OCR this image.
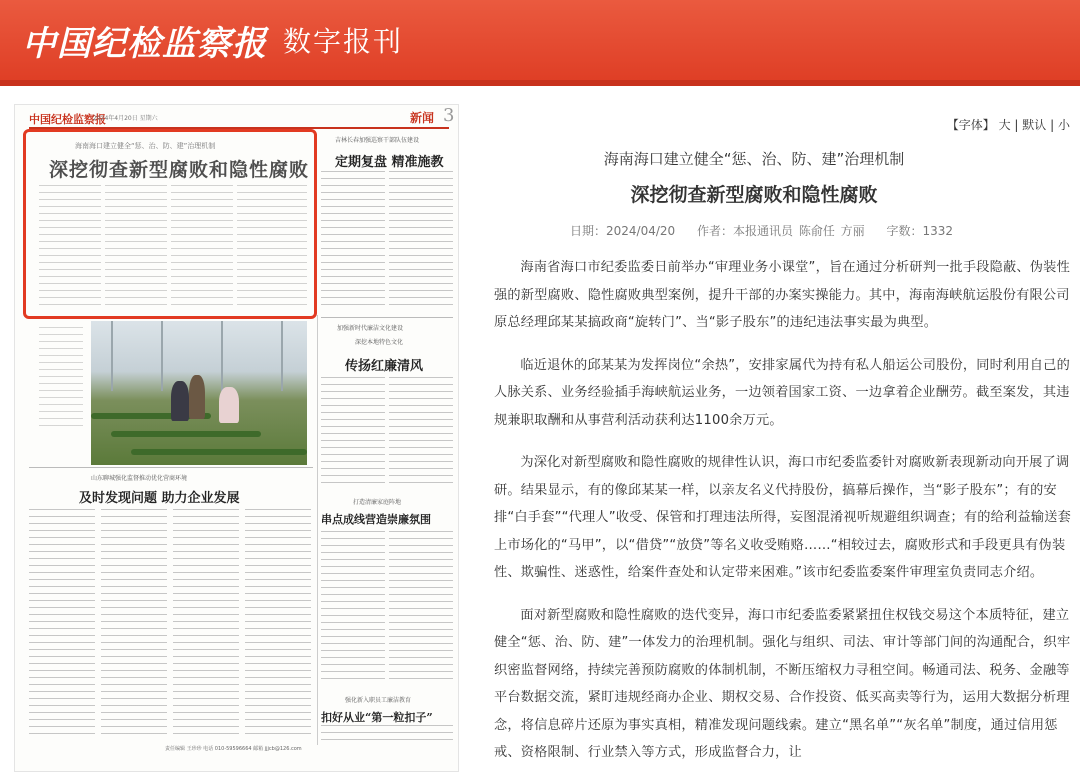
中国纪检监察报 数字报刊
中国纪检监察报
2024年4月20日 星期六	新闻 3
海南海口建立健全“惩、治、防、建”治理机制
深挖彻查新型腐败和隐性腐败
吉林长春加强巡察干部队伍建设
定期复盘 精准施教
加强新时代廉洁文化建设
深挖本地特色文化
传扬红廉清风
打造清廉家庭阵地
串点成线营造崇廉氛围
强化新入职员工廉洁教育
扣好从业“第一粒扣子”
山东聊城强化监督推动优化营商环境
及时发现问题 助力企业发展
责任编辑 王珍珍 电话 010-59596664 邮箱 jjjcb@126.com
【字体】 大 | 默认 | 小
海南海口建立健全“惩、治、防、建”治理机制
深挖彻查新型腐败和隐性腐败
日期：2024/04/20 作者：本报通讯员 陈俞任 方丽 字数：1332

海南省海口市纪委监委日前举办“审理业务小课堂”，旨在通过分析研判一批手段隐蔽、伪装性强的新型腐败、隐性腐败典型案例，提升干部的办案实操能力。其中，海南海峡航运股份有限公司原总经理邱某某搞政商“旋转门”、当“影子股东”的违纪违法事实最为典型。

临近退休的邱某某为发挥岗位“余热”，安排家属代为持有私人船运公司股份，同时利用自己的人脉关系、业务经验插手海峡航运业务，一边领着国家工资、一边拿着企业酬劳。截至案发，其违规兼职取酬和从事营利活动获利达1100余万元。

为深化对新型腐败和隐性腐败的规律性认识，海口市纪委监委针对腐败新表现新动向开展了调研。结果显示，有的像邱某某一样，以亲友名义代持股份，搞幕后操作，当“影子股东”；有的安排“白手套”“代理人”收受、保管和打理违法所得，妄图混淆视听规避组织调查；有的给利益输送套上市场化的“马甲”，以“借贷”“放贷”等名义收受贿赂……“相较过去，腐败形式和手段更具有伪装性、欺骗性、迷惑性，给案件查处和认定带来困难。”该市纪委监委案件审理室负责同志介绍。

面对新型腐败和隐性腐败的迭代变异，海口市纪委监委紧紧扭住权钱交易这个本质特征，建立健全“惩、治、防、建”一体发力的治理机制。强化与组织、司法、审计等部门间的沟通配合，织牢织密监督网络，持续完善预防腐败的体制机制，不断压缩权力寻租空间。畅通司法、税务、金融等平台数据交流，紧盯违规经商办企业、期权交易、合作投资、低买高卖等行为，运用大数据分析理念，将信息碎片还原为事实真相，精准发现问题线索。建立“黑名单”“灰名单”制度，通过信用惩戒、资格限制、行业禁入等方式，形成监督合力，让
